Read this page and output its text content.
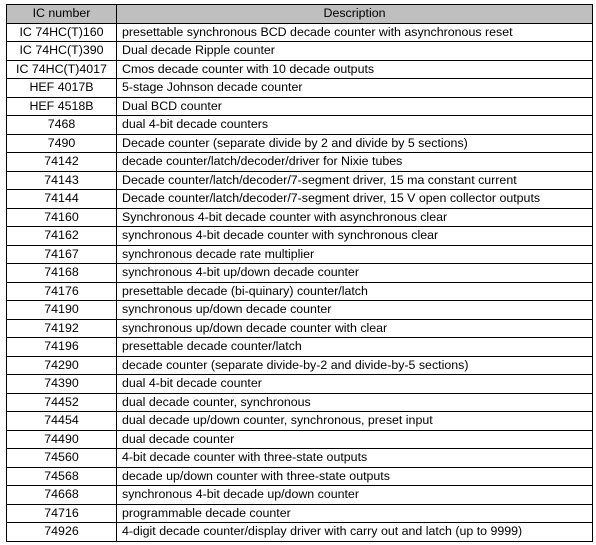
IC number	Description
IC 74HC(T)160	presettable synchronous BCD decade counter with asynchronous reset
IC 74HC(T)390	Dual decade Ripple counter
IC 74HC(T)4017	Cmos decade counter with 10 decade outputs
HEF 4017B	5-stage Johnson decade counter
HEF 4518B	Dual BCD counter
7468	dual 4-bit decade counters
7490	Decade counter (separate divide by 2 and divide by 5 sections)
74142	decade counter/latch/decoder/driver for Nixie tubes
74143	Decade counter/latch/decoder/7-segment driver, 15 ma constant current
74144	Decade counter/latch/decoder/7-segment driver, 15 V open collector outputs
74160	Synchronous 4-bit decade counter with asynchronous clear
74162	synchronous 4-bit decade counter with synchronous clear
74167	synchronous decade rate multiplier
74168	synchronous 4-bit up/down decade counter
74176	presettable decade (bi-quinary) counter/latch
74190	synchronous up/down decade counter
74192	synchronous up/down decade counter with clear
74196	presettable decade counter/latch
74290	decade counter (separate divide-by-2 and divide-by-5 sections)
74390	dual 4-bit decade counter
74452	dual decade counter, synchronous
74454	dual decade up/down counter, synchronous, preset input
74490	dual decade counter
74560	4-bit decade counter with three-state outputs
74568	decade up/down counter with three-state outputs
74668	synchronous 4-bit decade up/down counter
74716	programmable decade counter
74926	4-digit decade counter/display driver with carry out and latch (up to 9999)
